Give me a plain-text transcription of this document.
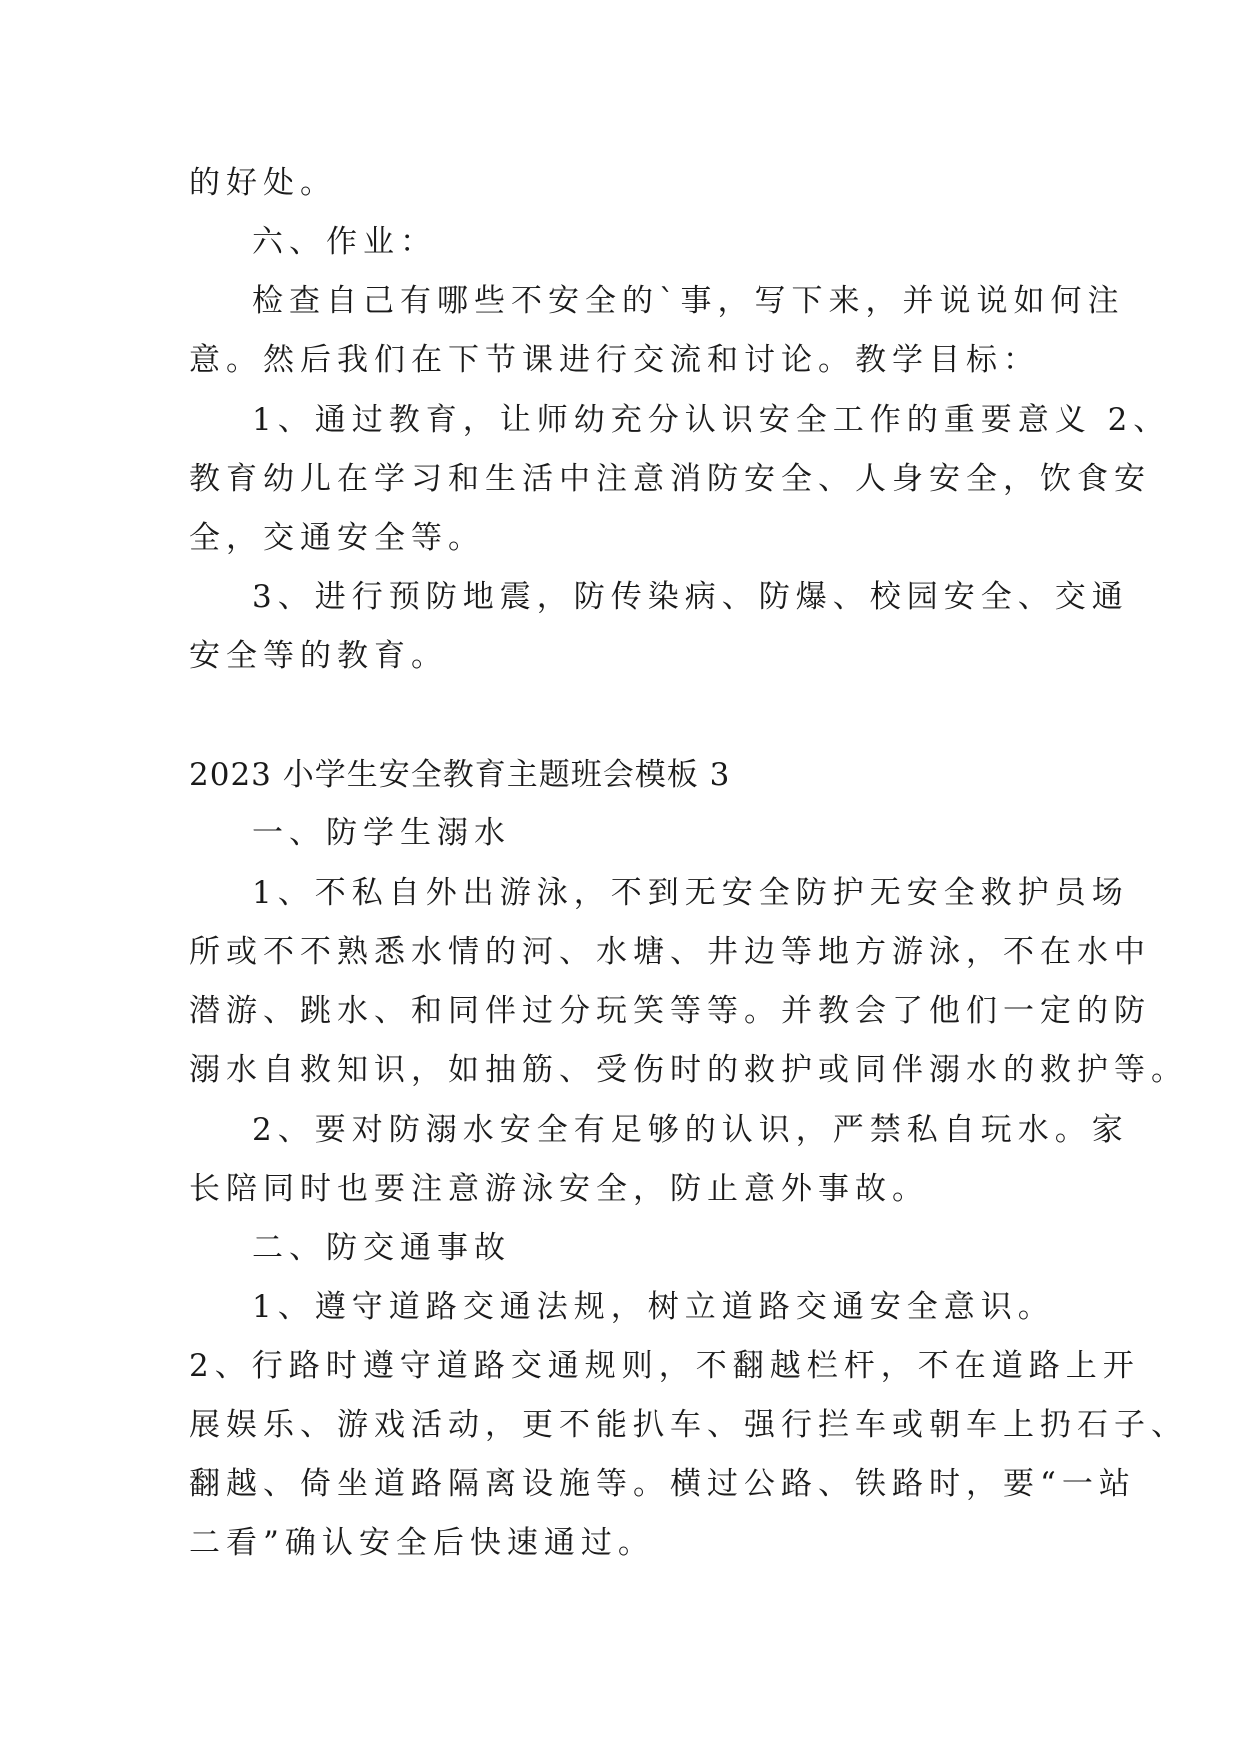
的好处。
六、作业：
检查自己有哪些不安全的`事，写下来，并说说如何注
意。然后我们在下节课进行交流和讨论。教学目标：
1、通过教育，让师幼充分认识安全工作的重要意义 2、
教育幼儿在学习和生活中注意消防安全、人身安全，饮食安
全，交通安全等。
3、进行预防地震，防传染病、防爆、校园安全、交通
安全等的教育。
2023 小学生安全教育主题班会模板 3
一、防学生溺水
1、不私自外出游泳，不到无安全防护无安全救护员场
所或不不熟悉水情的河、水塘、井边等地方游泳，不在水中
潜游、跳水、和同伴过分玩笑等等。并教会了他们一定的防
溺水自救知识，如抽筋、受伤时的救护或同伴溺水的救护等。
2、要对防溺水安全有足够的认识，严禁私自玩水。家
长陪同时也要注意游泳安全，防止意外事故。
二、防交通事故
1、遵守道路交通法规，树立道路交通安全意识。
2、行路时遵守道路交通规则，不翻越栏杆，不在道路上开
展娱乐、游戏活动，更不能扒车、强行拦车或朝车上扔石子、
翻越、倚坐道路隔离设施等。横过公路、铁路时，要“一站
二看”确认安全后快速通过。
